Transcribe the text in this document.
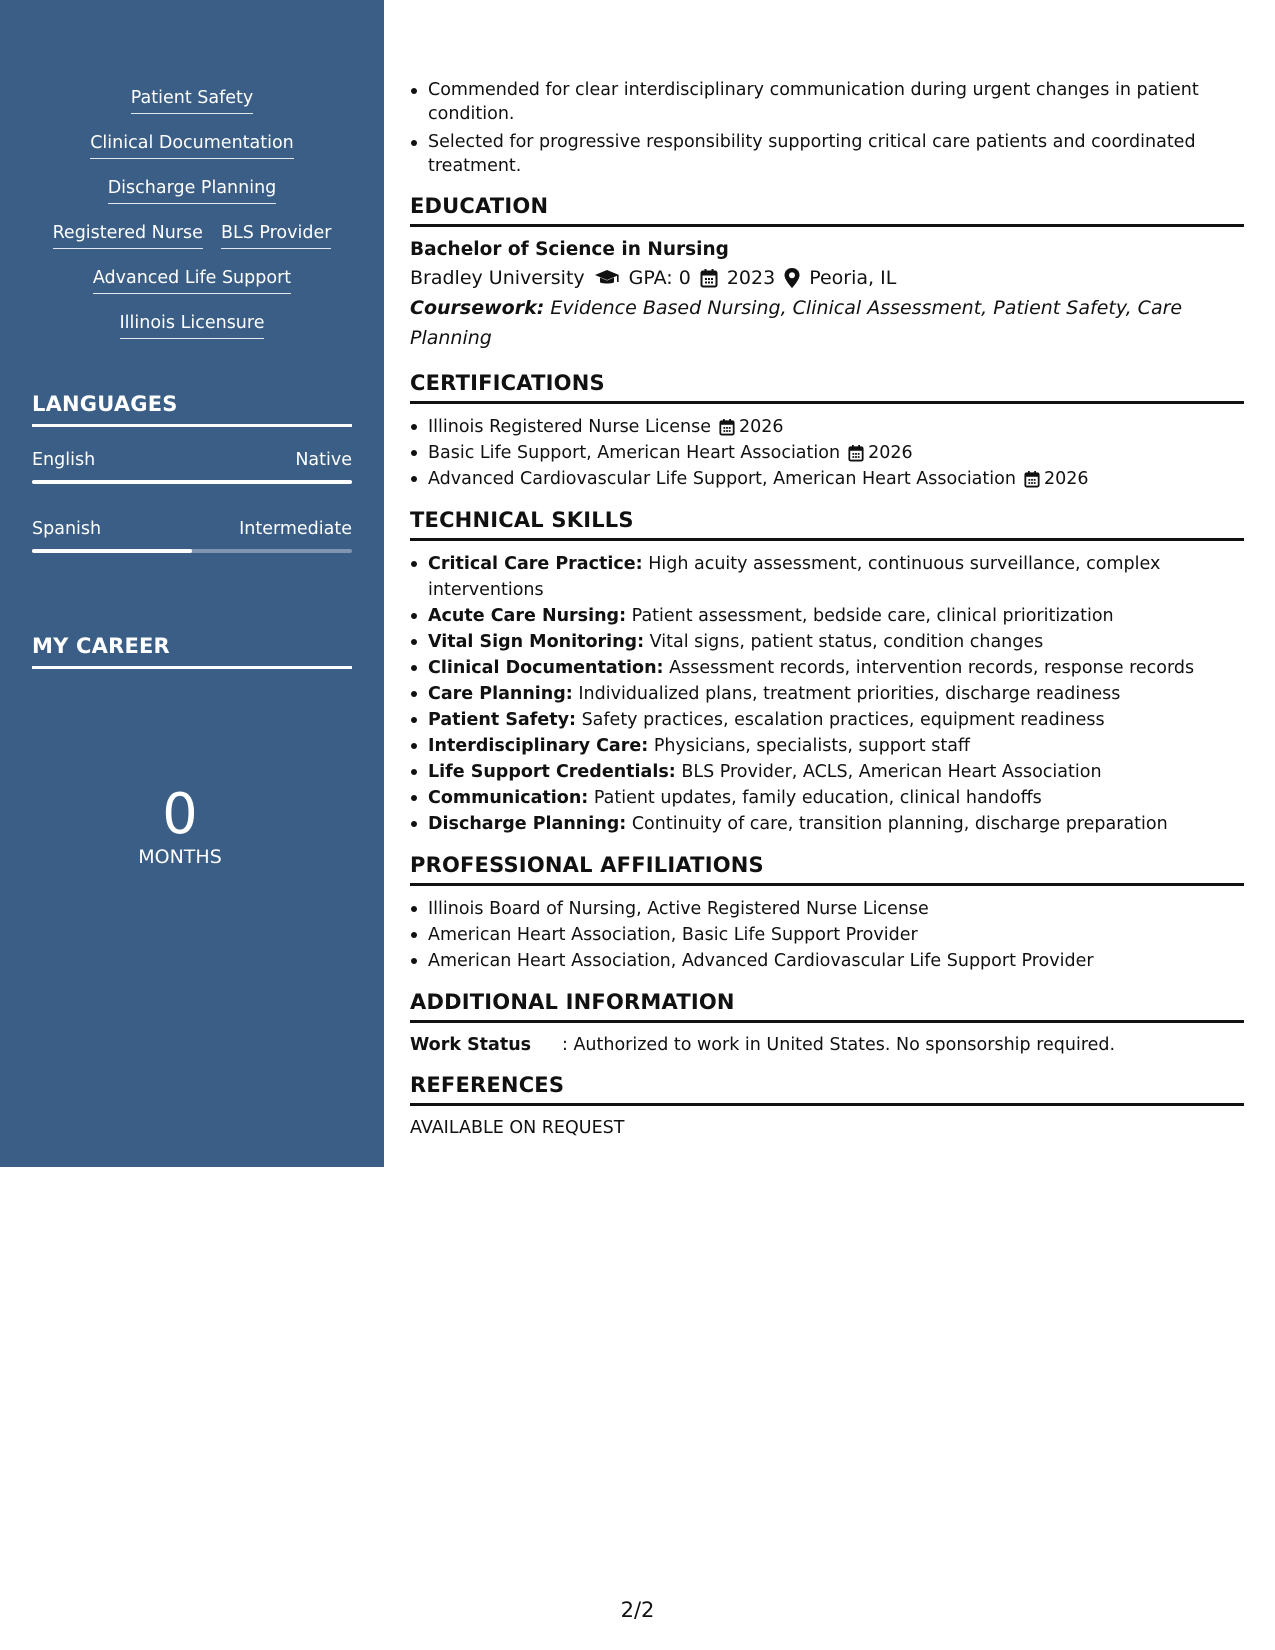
Patient Safety
Clinical Documentation
Discharge Planning
Registered Nurse BLS Provider
Advanced Life Support
Illinois Licensure
LANGUAGES
English	Native
Spanish	Intermediate
MY CAREER
0
MONTHS
Commended for clear interdisciplinary communication during urgent changes in patient condition.
Selected for progressive responsibility supporting critical care patients and coordinated treatment.
EDUCATION
Bachelor of Science in Nursing
Bradley University GPA: 0 2023 Peoria, IL
Coursework: Evidence Based Nursing, Clinical Assessment, Patient Safety, Care Planning
CERTIFICATIONS
Illinois Registered Nurse License 2026
Basic Life Support, American Heart Association 2026
Advanced Cardiovascular Life Support, American Heart Association 2026
TECHNICAL SKILLS
Critical Care Practice: High acuity assessment, continuous surveillance, complex interventions
Acute Care Nursing: Patient assessment, bedside care, clinical prioritization
Vital Sign Monitoring: Vital signs, patient status, condition changes
Clinical Documentation: Assessment records, intervention records, response records
Care Planning: Individualized plans, treatment priorities, discharge readiness
Patient Safety: Safety practices, escalation practices, equipment readiness
Interdisciplinary Care: Physicians, specialists, support staff
Life Support Credentials: BLS Provider, ACLS, American Heart Association
Communication: Patient updates, family education, clinical handoffs
Discharge Planning: Continuity of care, transition planning, discharge preparation
PROFESSIONAL AFFILIATIONS
Illinois Board of Nursing, Active Registered Nurse License
American Heart Association, Basic Life Support Provider
American Heart Association, Advanced Cardiovascular Life Support Provider
ADDITIONAL INFORMATION
Work Status	: Authorized to work in United States. No sponsorship required.
REFERENCES
AVAILABLE ON REQUEST
2/2
